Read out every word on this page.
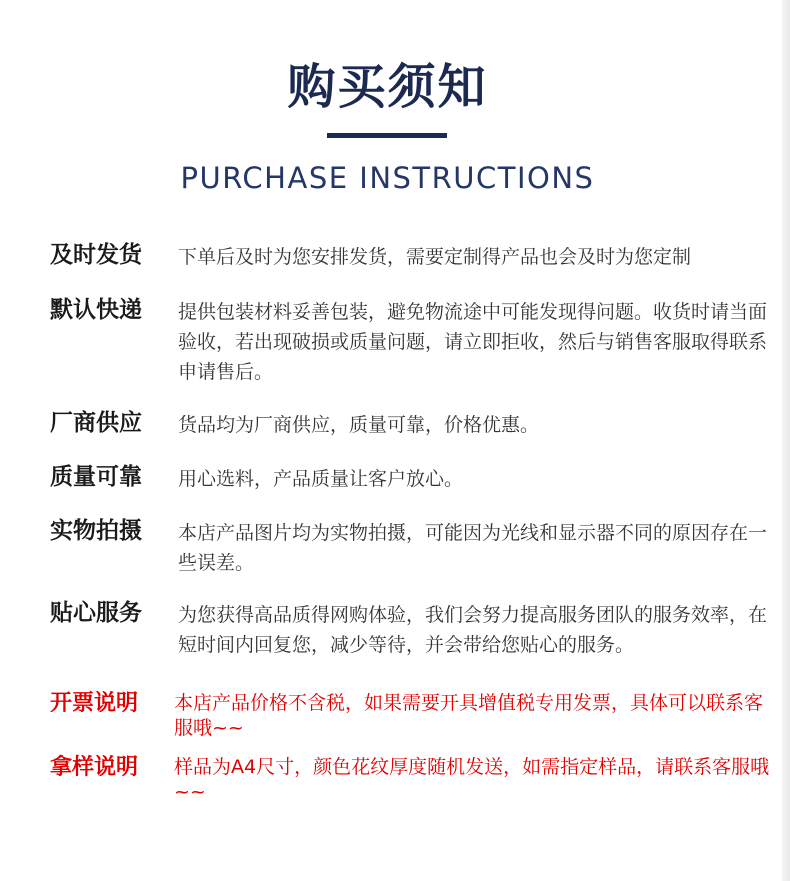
购买须知
PURCHASE INSTRUCTIONS
及时发货 下单后及时为您安排发货，需要定制得产品也会及时为您定制
默认快递 提供包装材料妥善包装，避免物流途中可能发现得问题。收货时请当面验收，若出现破损或质量问题，请立即拒收，然后与销售客服取得联系申请售后。
厂商供应 货品均为厂商供应，质量可靠，价格优惠。
质量可靠 用心选料，产品质量让客户放心。
实物拍摄 本店产品图片均为实物拍摄，可能因为光线和显示器不同的原因存在一些误差。
贴心服务 为您获得高品质得网购体验，我们会努力提高服务团队的服务效率，在短时间内回复您，减少等待，并会带给您贴心的服务。
开票说明 本店产品价格不含税，如果需要开具增值税专用发票，具体可以联系客服哦~~
拿样说明 样品为A4尺寸，颜色花纹厚度随机发送，如需指定样品，请联系客服哦~~
